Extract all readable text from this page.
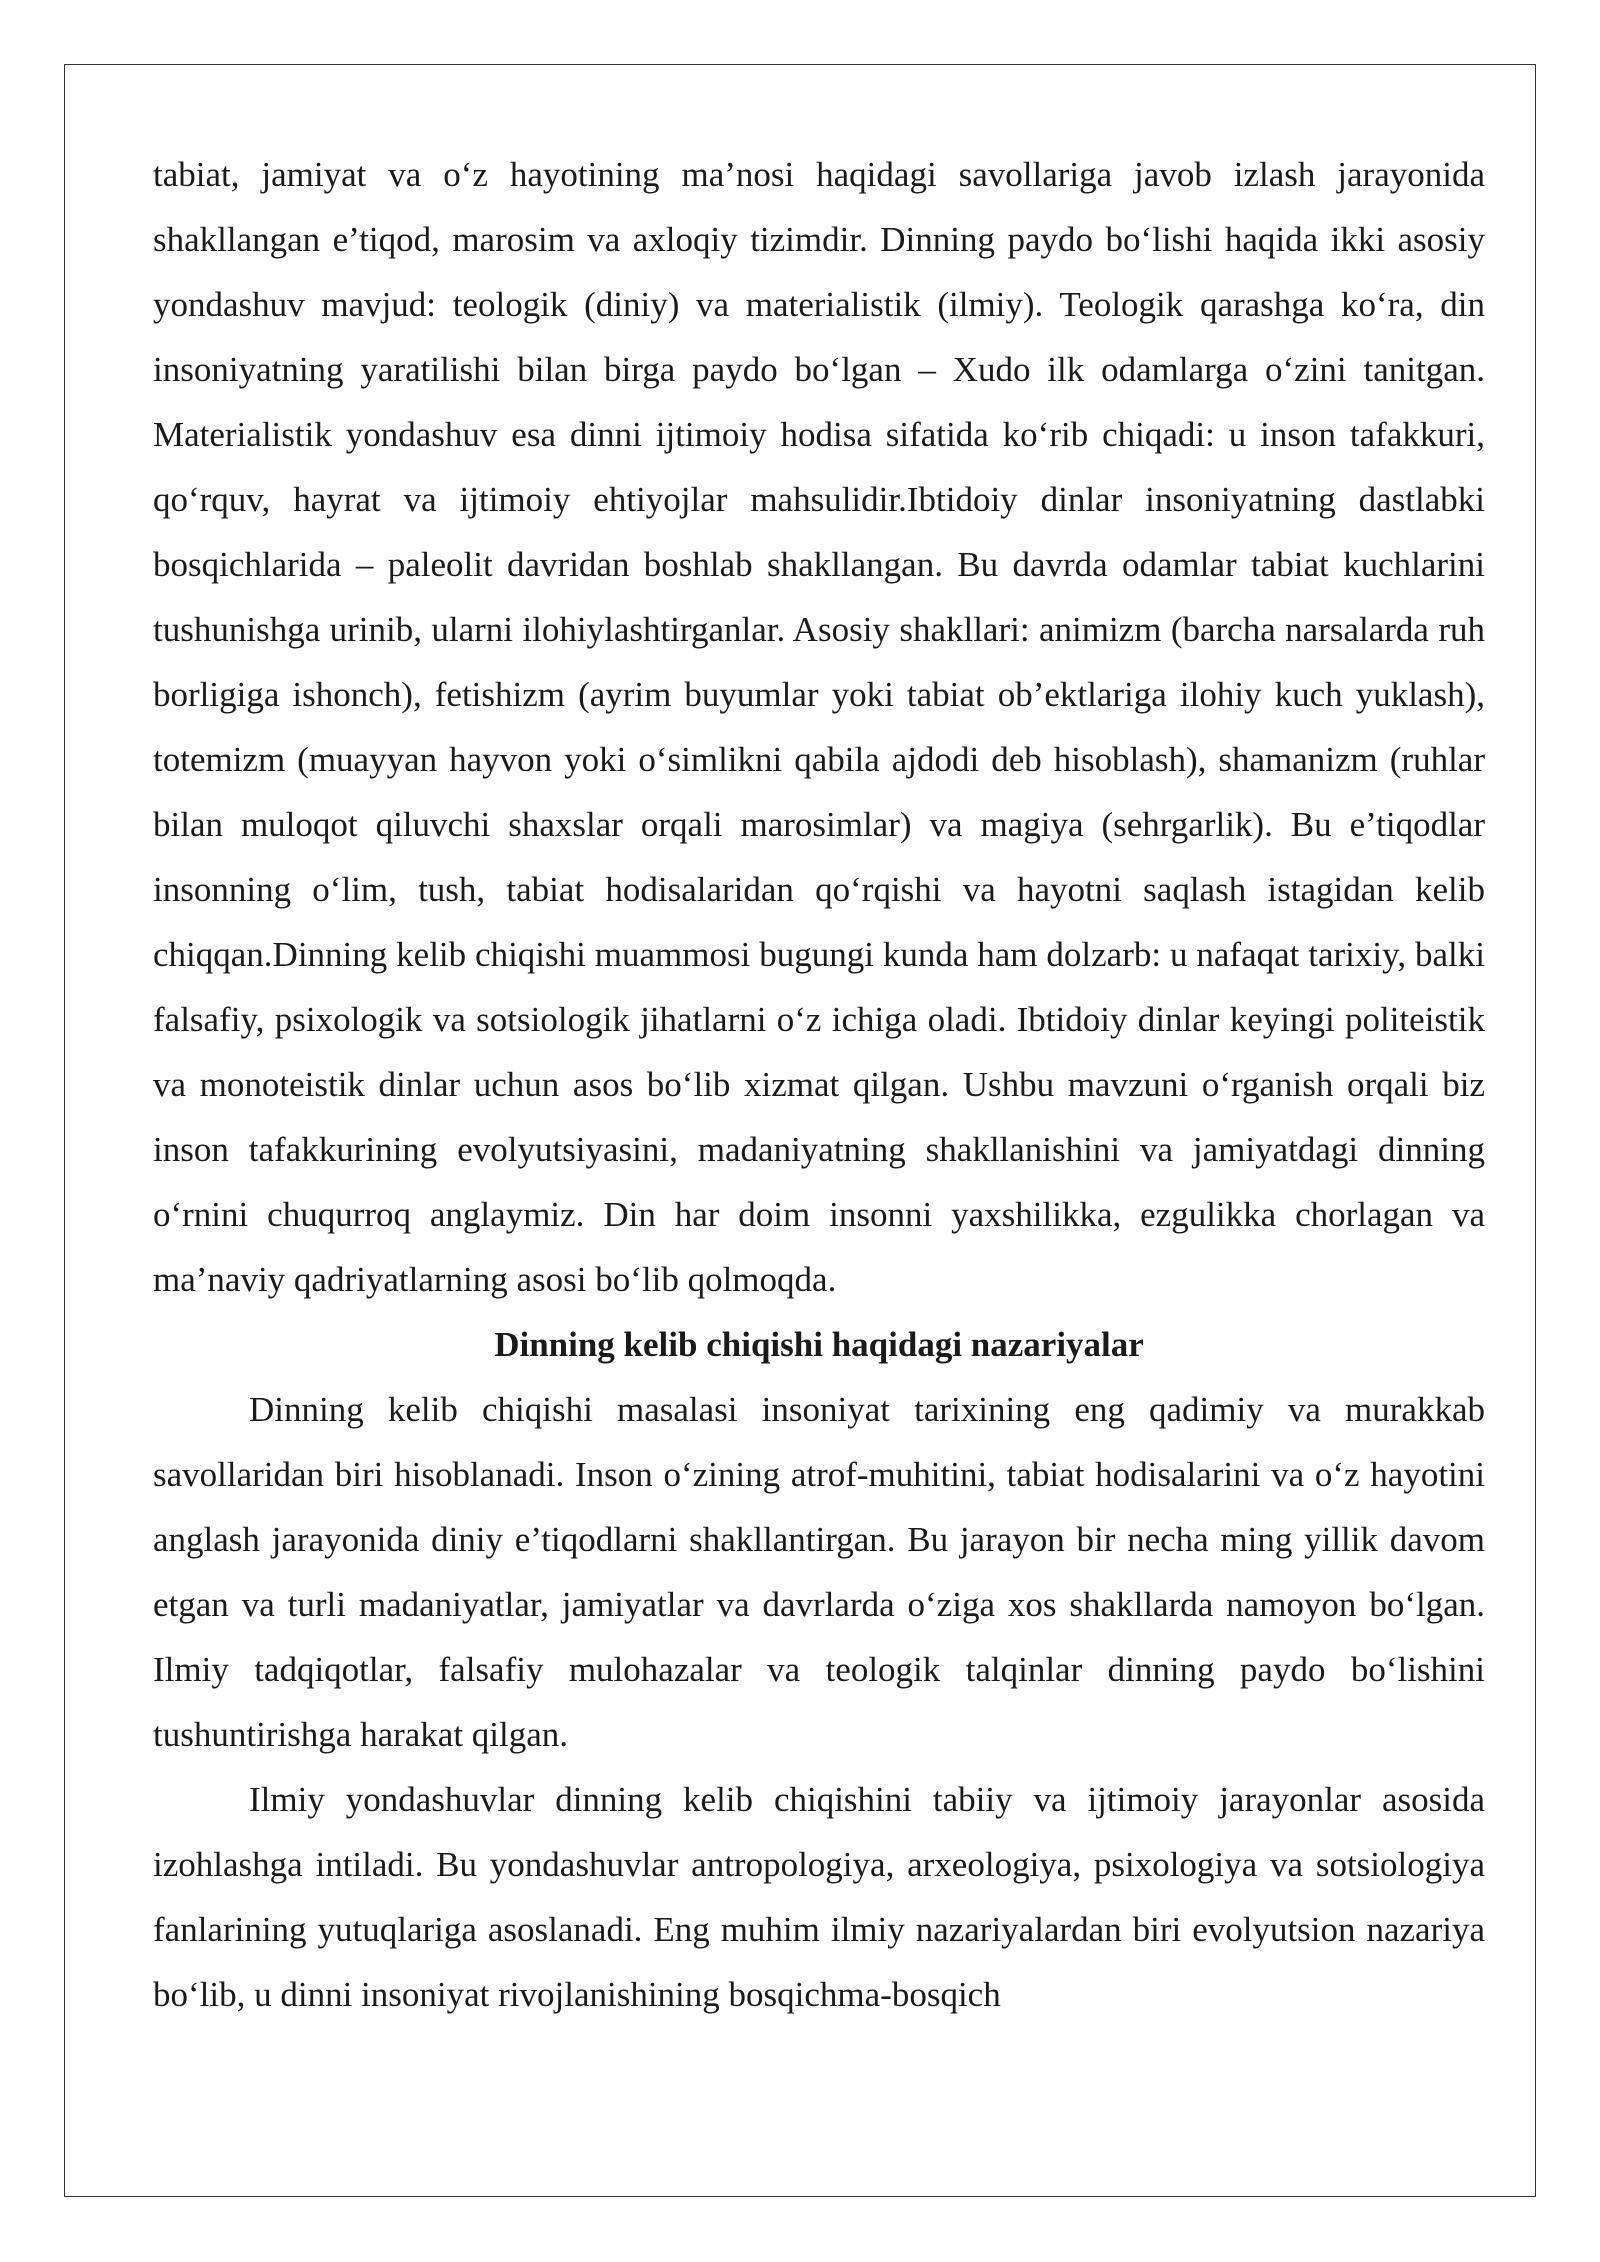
tabiat, jamiyat va o‘z hayotining ma’nosi haqidagi savollariga javob izlash jarayonida shakllangan e’tiqod, marosim va axloqiy tizimdir. Dinning paydo bo‘lishi haqida ikki asosiy yondashuv mavjud: teologik (diniy) va materialistik (ilmiy). Teologik qarashga ko‘ra, din insoniyatning yaratilishi bilan birga paydo bo‘lgan – Xudo ilk odamlarga o‘zini tanitgan. Materialistik yondashuv esa dinni ijtimoiy hodisa sifatida ko‘rib chiqadi: u inson tafakkuri, qo‘rquv, hayrat va ijtimoiy ehtiyojlar mahsulidir.Ibtidoiy dinlar insoniyatning dastlabki bosqichlarida – paleolit davridan boshlab shakllangan. Bu davrda odamlar tabiat kuchlarini tushunishga urinib, ularni ilohiylashtirganlar. Asosiy shakllari: animizm (barcha narsalarda ruh borligiga ishonch), fetishizm (ayrim buyumlar yoki tabiat ob’ektlariga ilohiy kuch yuklash), totemizm (muayyan hayvon yoki o‘simlikni qabila ajdodi deb hisoblash), shamanizm (ruhlar bilan muloqot qiluvchi shaxslar orqali marosimlar) va magiya (sehrgarlik). Bu e’tiqodlar insonning o‘lim, tush, tabiat hodisalaridan qo‘rqishi va hayotni saqlash istagidan kelib chiqqan.Dinning kelib chiqishi muammosi bugungi kunda ham dolzarb: u nafaqat tarixiy, balki falsafiy, psixologik va sotsiologik jihatlarni o‘z ichiga oladi. Ibtidoiy dinlar keyingi politeistik va monoteistik dinlar uchun asos bo‘lib xizmat qilgan. Ushbu mavzuni o‘rganish orqali biz inson tafakkurining evolyutsiyasini, madaniyatning shakllanishini va jamiyatdagi dinning o‘rnini chuqurroq anglaymiz. Din har doim insonni yaxshilikka, ezgulikka chorlagan va ma’naviy qadriyatlarning asosi bo‘lib qolmoqda.

Dinning kelib chiqishi haqidagi nazariyalar

Dinning kelib chiqishi masalasi insoniyat tarixining eng qadimiy va murakkab savollaridan biri hisoblanadi. Inson o‘zining atrof-muhitini, tabiat hodisalarini va o‘z hayotini anglash jarayonida diniy e’tiqodlarni shakllantirgan. Bu jarayon bir necha ming yillik davom etgan va turli madaniyatlar, jamiyatlar va davrlarda o‘ziga xos shakllarda namoyon bo‘lgan. Ilmiy tadqiqotlar, falsafiy mulohazalar va teologik talqinlar dinning paydo bo‘lishini tushuntirishga harakat qilgan.

Ilmiy yondashuvlar dinning kelib chiqishini tabiiy va ijtimoiy jarayonlar asosida izohlashga intiladi. Bu yondashuvlar antropologiya, arxeologiya, psixologiya va sotsiologiya fanlarining yutuqlariga asoslanadi. Eng muhim ilmiy nazariyalardan biri evolyutsion nazariya bo‘lib, u dinni insoniyat rivojlanishining bosqichma-bosqich
